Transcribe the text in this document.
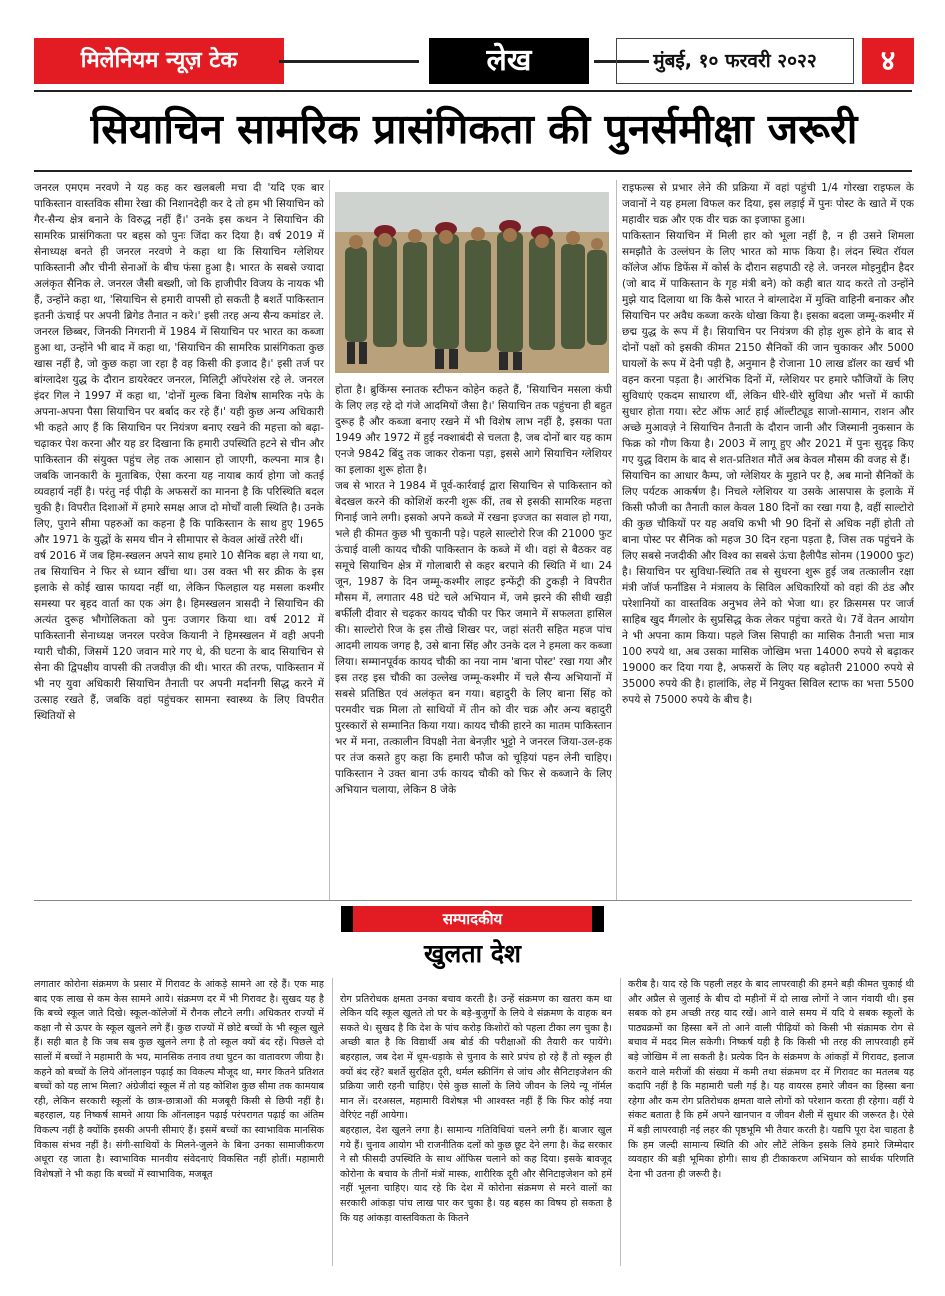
मिलेनियम न्यूज़ टेक	लेख	मुंबई, १० फरवरी २०२२	४
सियाचिन सामरिक प्रासंगिकता की पुनर्समीक्षा जरूरी

जनरल एमएम नरवणे ने यह कह कर खलबली मचा दी 'यदि एक बार पाकिस्तान वास्तविक सीमा रेखा की निशानदेही कर दे तो हम भी सियाचिन को गैर-सैन्य क्षेत्र बनाने के विरुद्ध नहीं हैं।' उनके इस कथन ने सियाचिन की सामरिक प्रासंगिकता पर बहस को पुनः जिंदा कर दिया है। वर्ष 2019 में सेनाध्यक्ष बनते ही जनरल नरवणे ने कहा था कि सियाचिन ग्लेशियर पाकिस्तानी और चीनी सेनाओं के बीच फंसा हुआ है। भारत के सबसे ज्यादा अलंकृत सैनिक ले. जनरल जैसी बख्शी, जो कि हाजीपीर विजय के नायक भी हैं, उन्होंने कहा था, 'सियाचिन से हमारी वापसी हो सकती है बशर्ते पाकिस्तान इतनी ऊंचाई पर अपनी ब्रिगेड तैनात न करे।' इसी तरह अन्य सैन्य कमांडर ले. जनरल छिब्बर, जिनकी निगरानी में 1984 में सियाचिन पर भारत का कब्जा हुआ था, उन्होंने भी बाद में कहा था, 'सियाचिन की सामरिक प्रासंगिकता कुछ खास नहीं है, जो कुछ कहा जा रहा है वह किसी की इजाद है।' इसी तर्ज पर बांग्लादेश युद्ध के दौरान डायरेक्टर जनरल, मिलिट्री ऑपरेशंस रहे ले. जनरल इंदर गिल ने 1997 में कहा था, 'दोनों मुल्क बिना विशेष सामरिक नफे के अपना-अपना पैसा सियाचिन पर बर्बाद कर रहे हैं।' यही कुछ अन्य अधिकारी भी कहते आए हैं कि सियाचिन पर नियंत्रण बनाए रखने की महत्ता को बढ़ा-चढ़ाकर पेश करना और यह डर दिखाना कि हमारी उपस्थिति हटने से चीन और पाकिस्तान की संयुक्त पहुंच लेह तक आसान हो जाएगी, कल्पना मात्र है। जबकि जानकारी के मुताबिक, ऐसा करना यह नायाब कार्य होगा जो कतई व्यवहार्य नहीं है। परंतु नई पीढ़ी के अफसरों का मानना है कि परिस्थिति बदल चुकी है। विपरीत दिशाओं में हमारे समक्ष आज दो मोर्चों वाली स्थिति है। उनके लिए, पुराने सीमा पहरुओं का कहना है कि पाकिस्तान के साथ हुए 1965 और 1971 के युद्धों के समय चीन ने सीमापार से केवल आंखें तरेरी थीं।

वर्ष 2016 में जब हिम-स्खलन अपने साथ हमारे 10 सैनिक बहा ले गया था, तब सियाचिन ने फिर से ध्यान खींचा था। उस वक्त भी सर क्रीक के इस इलाके से कोई खास फायदा नहीं था, लेकिन फिलहाल यह मसला कश्मीर समस्या पर बृहद वार्ता का एक अंग है। हिमस्खलन त्रासदी ने सियाचिन की अत्यंत दुरूह भौगोलिकता को पुनः उजागर किया था। वर्ष 2012 में पाकिस्तानी सेनाध्यक्ष जनरल परवेज कियानी ने हिमस्खलन में वही अपनी ग्यारी चौकी, जिसमें 120 जवान मारे गए थे, की घटना के बाद सियाचिन से सेना की द्विपक्षीय वापसी की तजवीज़ की थी। भारत की तरफ, पाकिस्तान में भी नए युवा अधिकारी सियाचिन तैनाती पर अपनी मर्दानगी सिद्ध करने में उत्साह रखते हैं, जबकि वहां पहुंचकर सामना स्वास्थ्य के लिए विपरीत स्थितियों से

होता है। ब्रुकिंग्स स्नातक स्टीफन कोहेन कहते हैं, 'सियाचिन मसला कंघी के लिए लड़ रहे दो गंजे आदमियों जैसा है।' सियाचिन तक पहुंचना ही बहुत दुरूह है और कब्जा बनाए रखने में भी विशेष लाभ नहीं है, इसका पता 1949 और 1972 में हुई नक्शाबंदी से चलता है, जब दोनों बार यह काम एनजे 9842 बिंदु तक जाकर रोकना पड़ा, इससे आगे सियाचिन ग्लेशियर का इलाका शुरू होता है।

जब से भारत ने 1984 में पूर्व-कार्रवाई द्वारा सियाचिन से पाकिस्तान को बेदखल करने की कोशिशें करनी शुरू कीं, तब से इसकी सामरिक महत्ता गिनाई जाने लगी। इसको अपने कब्जे में रखना इज्जत का सवाल हो गया, भले ही कीमत कुछ भी चुकानी पड़े। पहले साल्टोरो रिज की 21000 फुट ऊंचाई वाली कायद चौकी पाकिस्तान के कब्जे में थी। वहां से बैठकर वह समूचे सियाचिन क्षेत्र में गोलाबारी से कहर बरपाने की स्थिति में था। 24 जून, 1987 के दिन जम्मू-कश्मीर लाइट इन्फेंट्री की टुकड़ी ने विपरीत मौसम में, लगातार 48 घंटे चले अभियान में, जमे झरने की सीधी खड़ी बर्फीली दीवार से चढ़कर कायद चौकी पर फिर जमाने में सफलता हासिल की। साल्टोरो रिज के इस तीखे शिखर पर, जहां संतरी सहित महज पांच आदमी लायक जगह है, उसे बाना सिंह और उनके दल ने हमला कर कब्जा लिया। सम्मानपूर्वक कायद चौकी का नया नाम 'बाना पोस्ट' रखा गया और इस तरह इस चौकी का उल्लेख जम्मू-कश्मीर में चले सैन्य अभियानों में सबसे प्रतिष्ठित एवं अलंकृत बन गया। बहादुरी के लिए बाना सिंह को परमवीर चक्र मिला तो साथियों में तीन को वीर चक्र और अन्य बहादुरी पुरस्कारों से सम्मानित किया गया। कायद चौकी हारने का मातम पाकिस्तान भर में मना, तत्कालीन विपक्षी नेता बेनज़ीर भुट्टो ने जनरल जिया-उल-हक पर तंज कसते हुए कहा कि हमारी फौज को चूड़ियां पहन लेनी चाहिए। पाकिस्तान ने उक्त बाना उर्फ कायद चौकी को फिर से कब्जाने के लिए अभियान चलाया, लेकिन 8 जेके

राइफल्स से प्रभार लेने की प्रक्रिया में वहां पहुंची 1/4 गोरखा राइफल के जवानों ने यह हमला विफल कर दिया, इस लड़ाई में पुनः पोस्ट के खाते में एक महावीर चक्र और एक वीर चक्र का इजाफा हुआ।

पाकिस्तान सियाचिन में मिली हार को भूला नहीं है, न ही उसने शिमला समझौते के उल्लंघन के लिए भारत को माफ किया है। लंदन स्थित रॉयल कॉलेज ऑफ डिफेंस में कोर्स के दौरान सहपाठी रहे ले. जनरल मोइनुद्दीन हैदर (जो बाद में पाकिस्तान के गृह मंत्री बने) को कही बात याद करते तो उन्होंने मुझे याद दिलाया था कि कैसे भारत ने बांग्लादेश में मुक्ति वाहिनी बनाकर और सियाचिन पर अवैध कब्जा करके धोखा किया है। इसका बदला जम्मू-कश्मीर में छद्म युद्ध के रूप में है। सियाचिन पर नियंत्रण की होड़ शुरू होने के बाद से दोनों पक्षों को इसकी कीमत 2150 सैनिकों की जान चुकाकर और 5000 घायलों के रूप में देनी पड़ी है, अनुमान है रोजाना 10 लाख डॉलर का खर्च भी वहन करना पड़ता है। आरंभिक दिनों में, ग्लेशियर पर हमारे फौजियों के लिए सुविधाएं एकदम साधारण थीं, लेकिन धीरे-धीरे सुविधा और भत्तों में काफी सुधार होता गया। स्टेट ऑफ आर्ट हाई ऑल्टीट्यूड साजो-सामान, राशन और अच्छे मुआवज़े ने सियाचिन तैनाती के दौरान जानी और जिस्मानी नुकसान के फिक्र को गौण किया है। 2003 में लागू हुए और 2021 में पुनः सुदृढ़ किए गए युद्ध विराम के बाद से शत-प्रतिशत मौतें अब केवल मौसम की वजह से हैं।

सियाचिन का आधार कैम्प, जो ग्लेशियर के मुहाने पर है, अब मानो सैनिकों के लिए पर्यटक आकर्षण है। निचले ग्लेशियर या उसके आसपास के इलाके में किसी फौजी का तैनाती काल केवल 180 दिनों का रखा गया है, वहीं साल्टोरो की कुछ चौकियों पर यह अवधि कभी भी 90 दिनों से अधिक नहीं होती तो बाना पोस्ट पर सैनिक को महज 30 दिन रहना पड़ता है, जिस तक पहुंचने के लिए सबसे नजदीकी और विश्व का सबसे ऊंचा हैलीपैड सोनम (19000 फुट) है। सियाचिन पर सुविधा-स्थिति तब से सुधरना शुरू हुई जब तत्कालीन रक्षा मंत्री जॉर्ज फर्नांडिस ने मंत्रालय के सिविल अधिकारियों को वहां की ठंड और परेशानियों का वास्तविक अनुभव लेने को भेजा था। हर क्रिसमस पर जार्ज साहिब खुद मैंगलोर के सुप्रसिद्ध केक लेकर पहुंचा करते थे। 7वें वेतन आयोग ने भी अपना काम किया। पहले जिस सिपाही का मासिक तैनाती भत्ता मात्र 100 रुपये था, अब उसका मासिक जोखिम भत्ता 14000 रुपये से बढ़ाकर 19000 कर दिया गया है, अफसरों के लिए यह बढ़ोतरी 21000 रुपये से 35000 रुपये की है। हालांकि, लेह में नियुक्त सिविल स्टाफ का भत्ता 5500 रुपये से 75000 रुपये के बीच है।

सम्पादकीय
खुलता देश

लगातार कोरोना संक्रमण के प्रसार में गिरावट के आंकड़े सामने आ रहे हैं। एक माह बाद एक लाख से कम केस सामने आये। संक्रमण दर में भी गिरावट है। सुखद यह है कि बच्चे स्कूल जाते दिखे। स्कूल-कॉलेजों में रौनक लौटने लगी। अधिकतर राज्यों में कक्षा नौ से ऊपर के स्कूल खुलने लगे हैं। कुछ राज्यों में छोटे बच्चों के भी स्कूल खुले हैं। सही बात है कि जब सब कुछ खुलने लगा है तो स्कूल क्यों बंद रहें। पिछले दो सालों में बच्चों ने महामारी के भय, मानसिक तनाव तथा घुटन का वातावरण जीया है। कहने को बच्चों के लिये ऑनलाइन पढ़ाई का विकल्प मौजूद था, मगर कितने प्रतिशत बच्चों को यह लाभ मिला? अंग्रेजीदां स्कूल में तो यह कोशिश कुछ सीमा तक कामयाब रही, लेकिन सरकारी स्कूलों के छात्र-छात्राओं की मजबूरी किसी से छिपी नहीं है। बहरहाल, यह निष्कर्ष सामने आया कि ऑनलाइन पढ़ाई परंपरागत पढ़ाई का अंतिम विकल्प नहीं है क्योंकि इसकी अपनी सीमाएं हैं। इसमें बच्चों का स्वाभाविक मानसिक विकास संभव नहीं है। संगी-साथियों के मिलने-जुलने के बिना उनका सामाजीकरण अधूरा रह जाता है। स्वाभाविक मानवीय संवेदनाएं विकसित नहीं होतीं। महामारी विशेषज्ञों ने भी कहा कि बच्चों में स्वाभाविक, मजबूत

रोग प्रतिरोधक क्षमता उनका बचाव करती है। उन्हें संक्रमण का खतरा कम था लेकिन यदि स्कूल खुलते तो घर के बड़े-बुजुर्गों के लिये वे संक्रमण के वाहक बन सकते थे। सुखद है कि देश के पांच करोड़ किशोरों को पहला टीका लग चुका है। अच्छी बात है कि विद्यार्थी अब बोर्ड की परीक्षाओं की तैयारी कर पायेंगे। बहरहाल, जब देश में धूम-धड़ाके से चुनाव के सारे प्रपंच हो रहे हैं तो स्कूल ही क्यों बंद रहें? बशर्ते सुरक्षित दूरी, थर्मल स्क्रीनिंग से जांच और सैनिटाइजेशन की प्रक्रिया जारी रहनी चाहिए। ऐसे कुछ सालों के लिये जीवन के लिये न्यू नॉर्मल मान लें। दरअसल, महामारी विशेषज्ञ भी आश्वस्त नहीं हैं कि फिर कोई नया वेरिएंट नहीं आयेगा।
बहरहाल, देश खुलने लगा है। सामान्य गतिविधियां चलने लगी हैं। बाजार खुल गये हैं। चुनाव आयोग भी राजनीतिक दलों को कुछ छूट देने लगा है। केंद्र सरकार ने सौ फीसदी उपस्थिति के साथ ऑफिस चलाने को कह दिया। इसके बावजूद कोरोना के बचाव के तीनों मंत्रों मास्क, शारीरिक दूरी और सैनिटाइजेशन को हमें नहीं भूलना चाहिए। याद रहे कि देश में कोरोना संक्रमण से मरने वालों का सरकारी आंकड़ा पांच लाख पार कर चुका है। यह बहस का विषय हो सकता है कि यह आंकड़ा वास्तविकता के कितने

करीब है। याद रहे कि पहली लहर के बाद लापरवाही की हमने बड़ी कीमत चुकाई थी और अप्रैल से जुलाई के बीच दो महीनों में दो लाख लोगों ने जान गंवायी थी। इस सबक को हम अच्छी तरह याद रखें। आने वाले समय में यदि ये सबक स्कूलों के पाठ्यक्रमों का हिस्सा बनें तो आने वाली पीढ़ियों को किसी भी संक्रामक रोग से बचाव में मदद मिल सकेगी। निष्कर्ष यही है कि किसी भी तरह की लापरवाही हमें बड़े जोखिम में ला सकती है। प्रत्येक दिन के संक्रमण के आंकड़ों में गिरावट, इलाज कराने वाले मरीजों की संख्या में कमी तथा संक्रमण दर में गिरावट का मतलब यह कदापि नहीं है कि महामारी चली गई है। यह वायरस हमारे जीवन का हिस्सा बना रहेगा और कम रोग प्रतिरोधक क्षमता वाले लोगों को परेशान करता ही रहेगा। वहीं ये संकट बताता है कि हमें अपने खानपान व जीवन शैली में सुधार की जरूरत है। ऐसे में बड़ी लापरवाही नई लहर की पृष्ठभूमि भी तैयार करती है। यद्यपि पूरा देश चाहता है कि हम जल्दी सामान्य स्थिति की ओर लौटें लेकिन इसके लिये हमारे जिम्मेदार व्यवहार की बड़ी भूमिका होगी। साथ ही टीकाकरण अभियान को सार्थक परिणति देना भी उतना ही जरूरी है।
